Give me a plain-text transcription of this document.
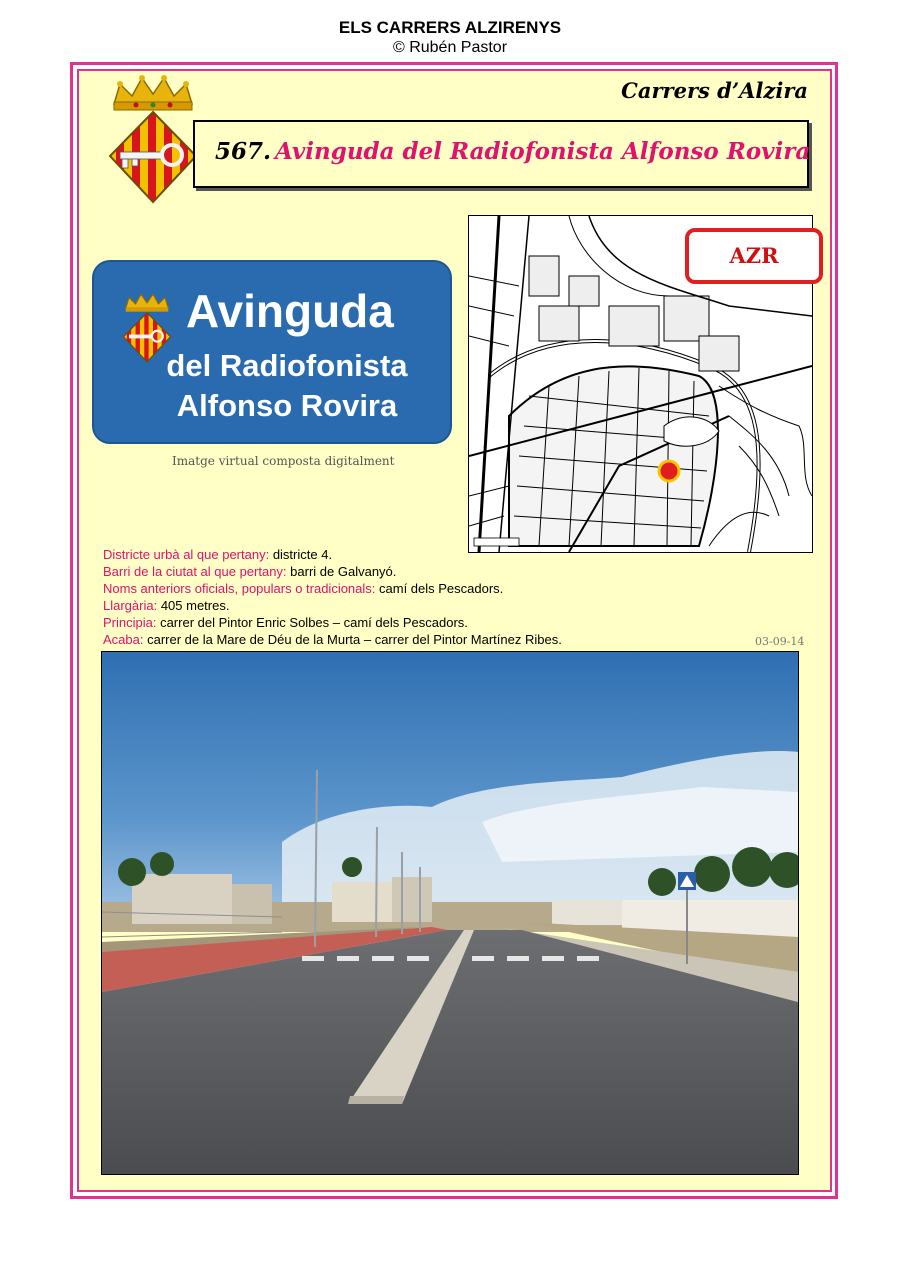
ELS CARRERS ALZIRENYS
© Rubén Pastor
Carrers d’Alzira
567. Avinguda del Radiofonista Alfonso Rovira
Avinguda
del Radiofonista
Alfonso Rovira
Imatge virtual composta digitalment
AZR
Districte urbà al que pertany: districte 4.
Barri de la ciutat al que pertany: barri de Galvanyó.
Noms anteriors oficials, populars o tradicionals: camí dels Pescadors.
Llargària: 405 metres.
Principia: carrer del Pintor Enric Solbes – camí dels Pescadors.
Acaba: carrer de la Mare de Déu de la Murta – carrer del Pintor Martínez Ribes.	03-09-14
